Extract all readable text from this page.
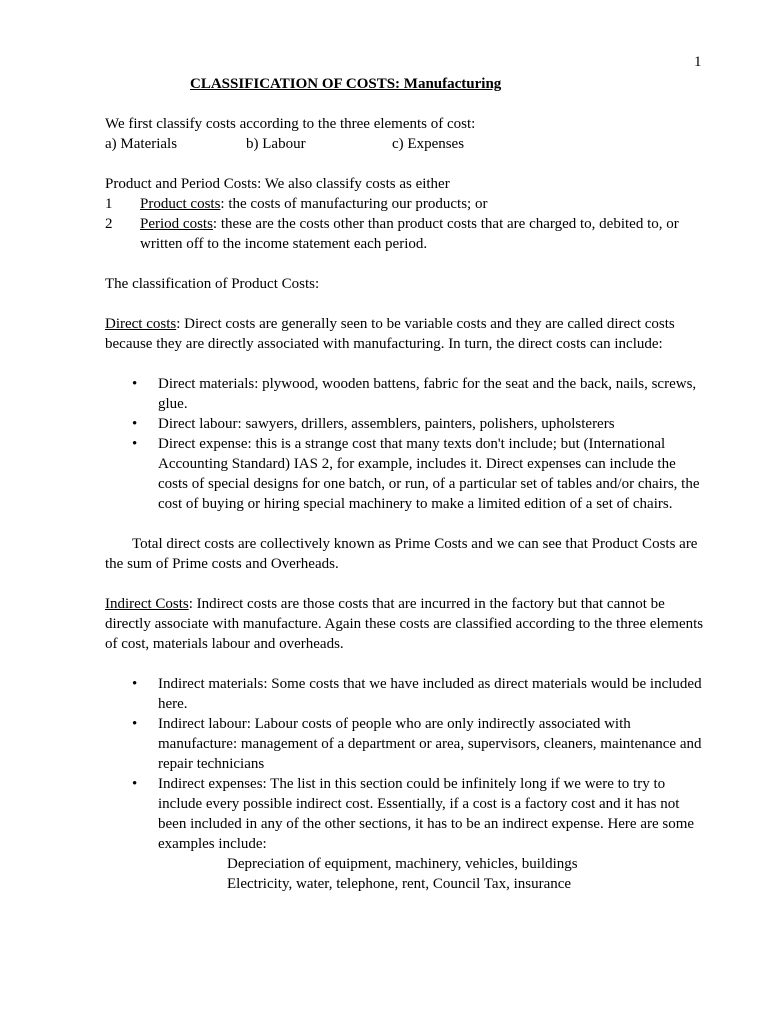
1

CLASSIFICATION OF COSTS: Manufacturing

We first classify costs according to the three elements of cost:

a) Materials	b) Labour	c) Expenses

Product and Period Costs: We also classify costs as either

1	Product costs: the costs of manufacturing our products; or
2	Period costs: these are the costs other than product costs that are charged to, debited to, or written off to the income statement each period.

The classification of Product Costs:

Direct costs: Direct costs are generally seen to be variable costs and they are called direct costs because they are directly associated with manufacturing. In turn, the direct costs can include:

• Direct materials: plywood, wooden battens, fabric for the seat and the back, nails, screws, glue.
• Direct labour: sawyers, drillers, assemblers, painters, polishers, upholsterers
• Direct expense: this is a strange cost that many texts don't include; but (International Accounting Standard) IAS 2, for example, includes it. Direct expenses can include the costs of special designs for one batch, or run, of a particular set of tables and/or chairs, the cost of buying or hiring special machinery to make a limited edition of a set of chairs.

Total direct costs are collectively known as Prime Costs and we can see that Product Costs are the sum of Prime costs and Overheads.

Indirect Costs: Indirect costs are those costs that are incurred in the factory but that cannot be directly associate with manufacture. Again these costs are classified according to the three elements of cost, materials labour and overheads.

• Indirect materials: Some costs that we have included as direct materials would be included here.
• Indirect labour: Labour costs of people who are only indirectly associated with manufacture: management of a department or area, supervisors, cleaners, maintenance and repair technicians
• Indirect expenses: The list in this section could be infinitely long if we were to try to include every possible indirect cost. Essentially, if a cost is a factory cost and it has not been included in any of the other sections, it has to be an indirect expense. Here are some examples include:

Depreciation of equipment, machinery, vehicles, buildings

Electricity, water, telephone, rent, Council Tax, insurance
